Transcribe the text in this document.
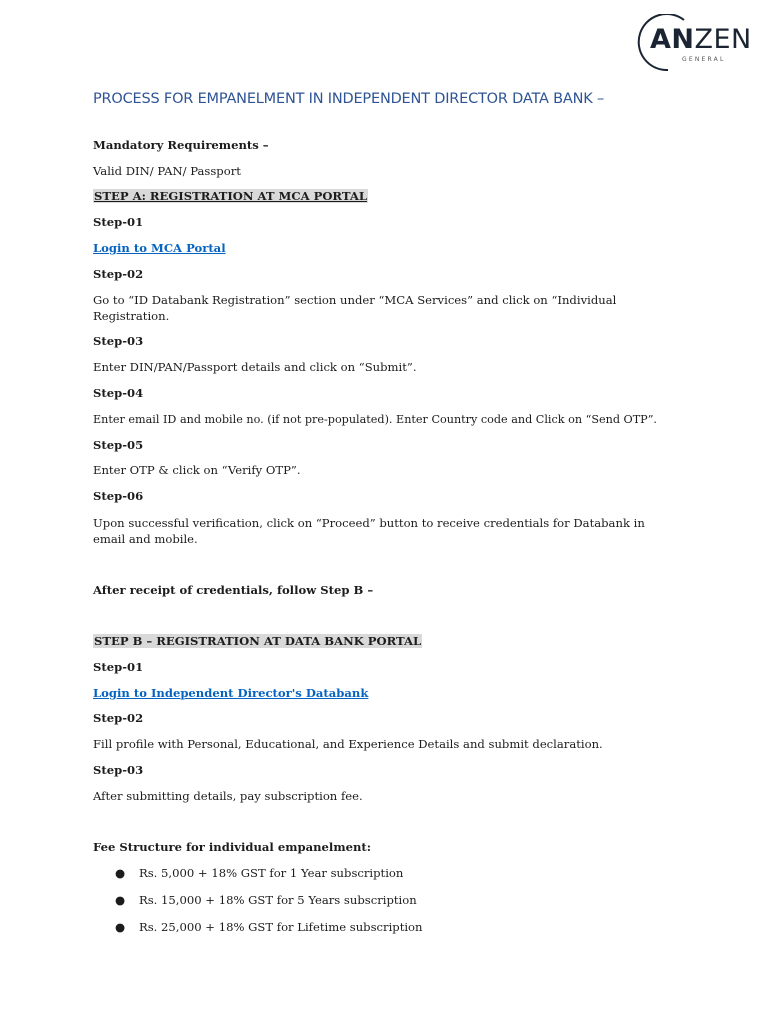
ANZEN
GENERAL
PROCESS FOR EMPANELMENT IN INDEPENDENT DIRECTOR DATA BANK –
Mandatory Requirements –
Valid DIN/ PAN/ Passport
STEP A: REGISTRATION AT MCA PORTAL
Step-01
Login to MCA Portal
Step-02
Go to “ID Databank Registration” section under “MCA Services” and click on “Individual Registration.
Step-03
Enter DIN/PAN/Passport details and click on “Submit”.
Step-04
Enter email ID and mobile no. (if not pre-populated). Enter Country code and Click on “Send OTP”.
Step-05
Enter OTP & click on “Verify OTP”.
Step-06
Upon successful verification, click on “Proceed” button to receive credentials for Databank in email and mobile.
After receipt of credentials, follow Step B –
STEP B – REGISTRATION AT DATA BANK PORTAL
Step-01
Login to Independent Director's Databank
Step-02
Fill profile with Personal, Educational, and Experience Details and submit declaration.
Step-03
After submitting details, pay subscription fee.
Fee Structure for individual empanelment:
● Rs. 5,000 + 18% GST for 1 Year subscription
● Rs. 15,000 + 18% GST for 5 Years subscription
● Rs. 25,000 + 18% GST for Lifetime subscription
